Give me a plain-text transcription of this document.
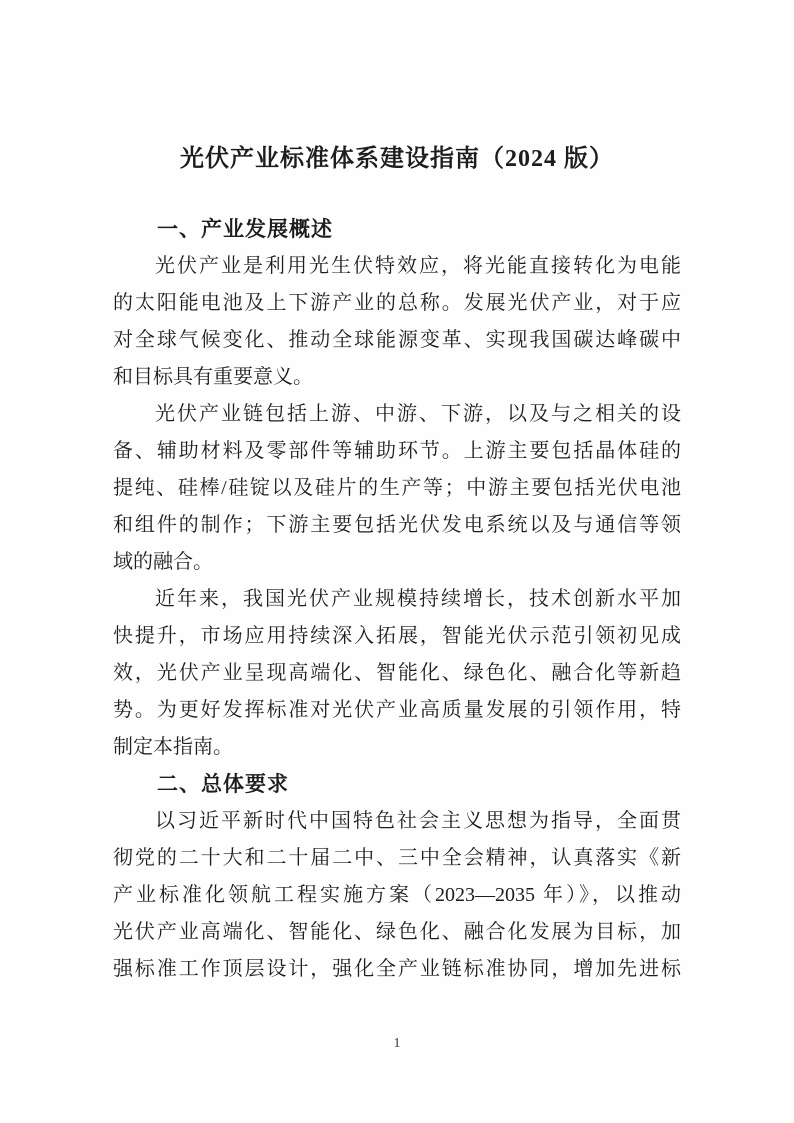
光伏产业标准体系建设指南（2024 版）
一、产业发展概述

光伏产业是利用光生伏特效应，将光能直接转化为电能

的太阳能电池及上下游产业的总称。发展光伏产业，对于应

对全球气候变化、推动全球能源变革、实现我国碳达峰碳中

和目标具有重要意义。

光伏产业链包括上游、中游、下游，以及与之相关的设

备、辅助材料及零部件等辅助环节。上游主要包括晶体硅的

提纯、硅棒/硅锭以及硅片的生产等；中游主要包括光伏电池

和组件的制作；下游主要包括光伏发电系统以及与通信等领

域的融合。

近年来，我国光伏产业规模持续增长，技术创新水平加

快提升，市场应用持续深入拓展，智能光伏示范引领初见成

效，光伏产业呈现高端化、智能化、绿色化、融合化等新趋

势。为更好发挥标准对光伏产业高质量发展的引领作用，特

制定本指南。

二、总体要求

以习近平新时代中国特色社会主义思想为指导，全面贯

彻党的二十大和二十届二中、三中全会精神，认真落实《新

产业标准化领航工程实施方案（2023—2035 年）》，以推动

光伏产业高端化、智能化、绿色化、融合化发展为目标，加

强标准工作顶层设计，强化全产业链标准协同，增加先进标

1
